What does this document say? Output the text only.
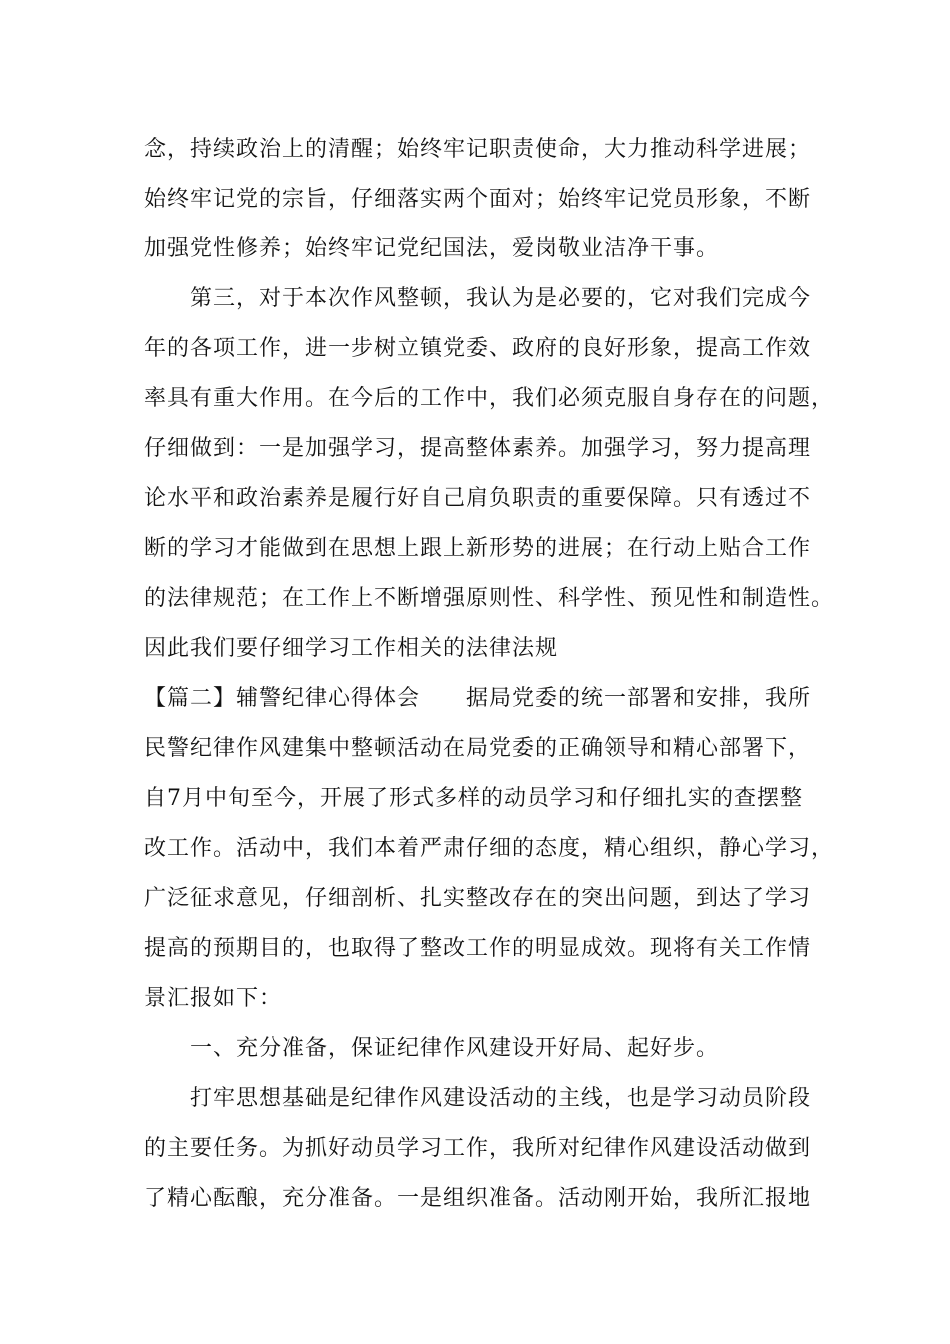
念，持续政治上的清醒；始终牢记职责使命，大力推动科学进展；
始终牢记党的宗旨，仔细落实两个面对；始终牢记党员形象，不断
加强党性修养；始终牢记党纪国法，爱岗敬业洁净干事。
第三，对于本次作风整顿，我认为是必要的，它对我们完成今
年的各项工作，进一步树立镇党委、政府的良好形象，提高工作效
率具有重大作用。在今后的工作中，我们必须克服自身存在的问题，
仔细做到：一是加强学习，提高整体素养。加强学习，努力提高理
论水平和政治素养是履行好自己肩负职责的重要保障。只有透过不
断的学习才能做到在思想上跟上新形势的进展；在行动上贴合工作
的法律规范；在工作上不断增强原则性、科学性、预见性和制造性。
因此我们要仔细学习工作相关的法律法规
【篇二】辅警纪律心得体会　　据局党委的统一部署和安排，我所
民警纪律作风建集中整顿活动在局党委的正确领导和精心部署下，
自7月中旬至今，开展了形式多样的动员学习和仔细扎实的查摆整
改工作。活动中，我们本着严肃仔细的态度，精心组织，静心学习，
广泛征求意见，仔细剖析、扎实整改存在的突出问题，到达了学习
提高的预期目的，也取得了整改工作的明显成效。现将有关工作情
景汇报如下：
一、充分准备，保证纪律作风建设开好局、起好步。
打牢思想基础是纪律作风建设活动的主线，也是学习动员阶段
的主要任务。为抓好动员学习工作，我所对纪律作风建设活动做到
了精心酝酿，充分准备。一是组织准备。活动刚开始，我所汇报地
